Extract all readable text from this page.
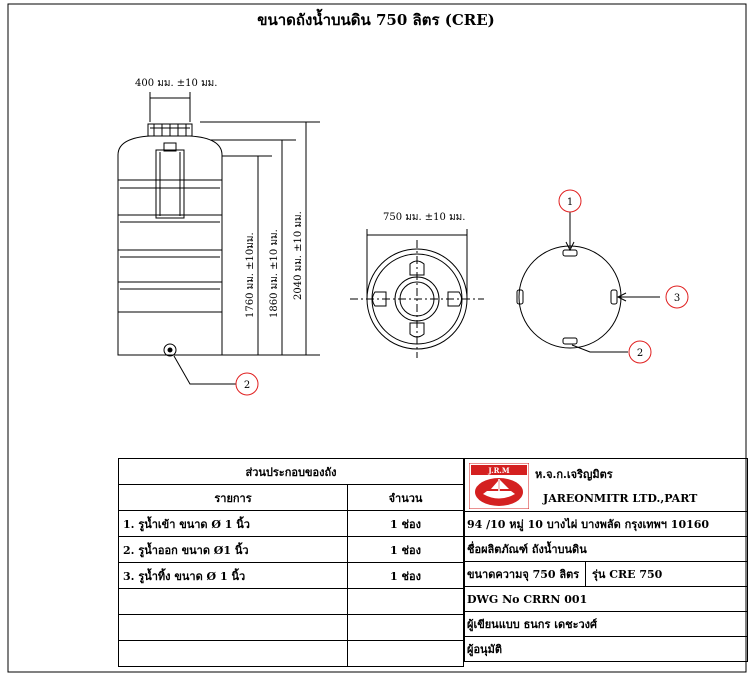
ขนาดถังน้ำบนดิน 750 ลิตร (CRE)
400 มม. ±10 มม.
1760 มม. ±10มม. 1860 มม. ±10 มม. 2040 มม. ±10 มม.
2
750 มม. ±10 มม.
1
3
2
ส่วนประกอบของถัง	
รายการ	จำนวน
1. รูน้ำเข้า ขนาด Ø 1 นิ้ว	1 ช่อง
2. รูน้ำออก ขนาด Ø1 นิ้ว	1 ช่อง
3. รูน้ำทิ้ง ขนาด Ø 1 นิ้ว	1 ช่อง

J.R.M ห.จ.ก.เจริญมิตร
JAREONMITR LTD.,PART
94 /10 หมู่ 10 บางไผ่ บางพลัด กรุงเทพฯ 10160
ชื่อผลิตภัณฑ์ ถังน้ำบนดิน
ขนาดความจุ 750 ลิตร	รุ่น CRE 750
DWG No CRRN 001
ผู้เขียนแบบ ธนกร เดชะวงศ์
ผู้อนุมัติ
